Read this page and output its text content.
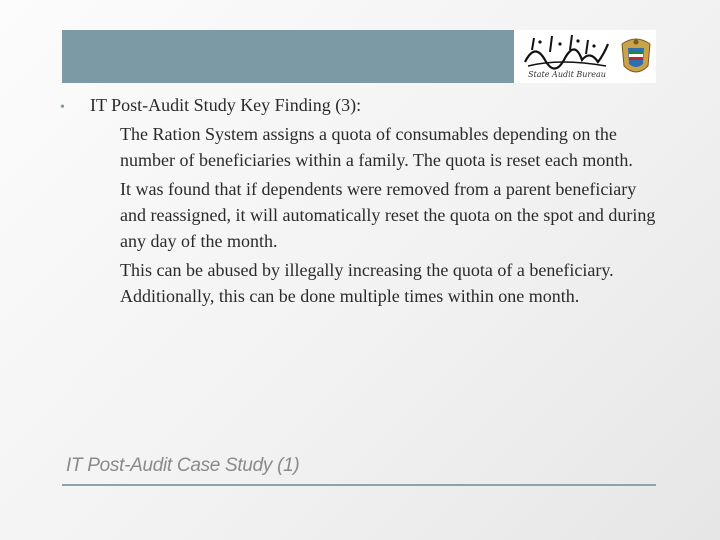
State Audit Bureau
•	IT Post-Audit Study Key Finding (3):
The Ration System assigns a quota of consumables depending on the number of beneficiaries within a family. The quota is reset each month.
It was found that if dependents were removed from a parent beneficiary and reassigned, it will automatically reset the quota on the spot and during any day of the month.
This can be abused by illegally increasing the quota of a beneficiary. Additionally, this can be done multiple times within one month.
IT Post-Audit Case Study (1)
